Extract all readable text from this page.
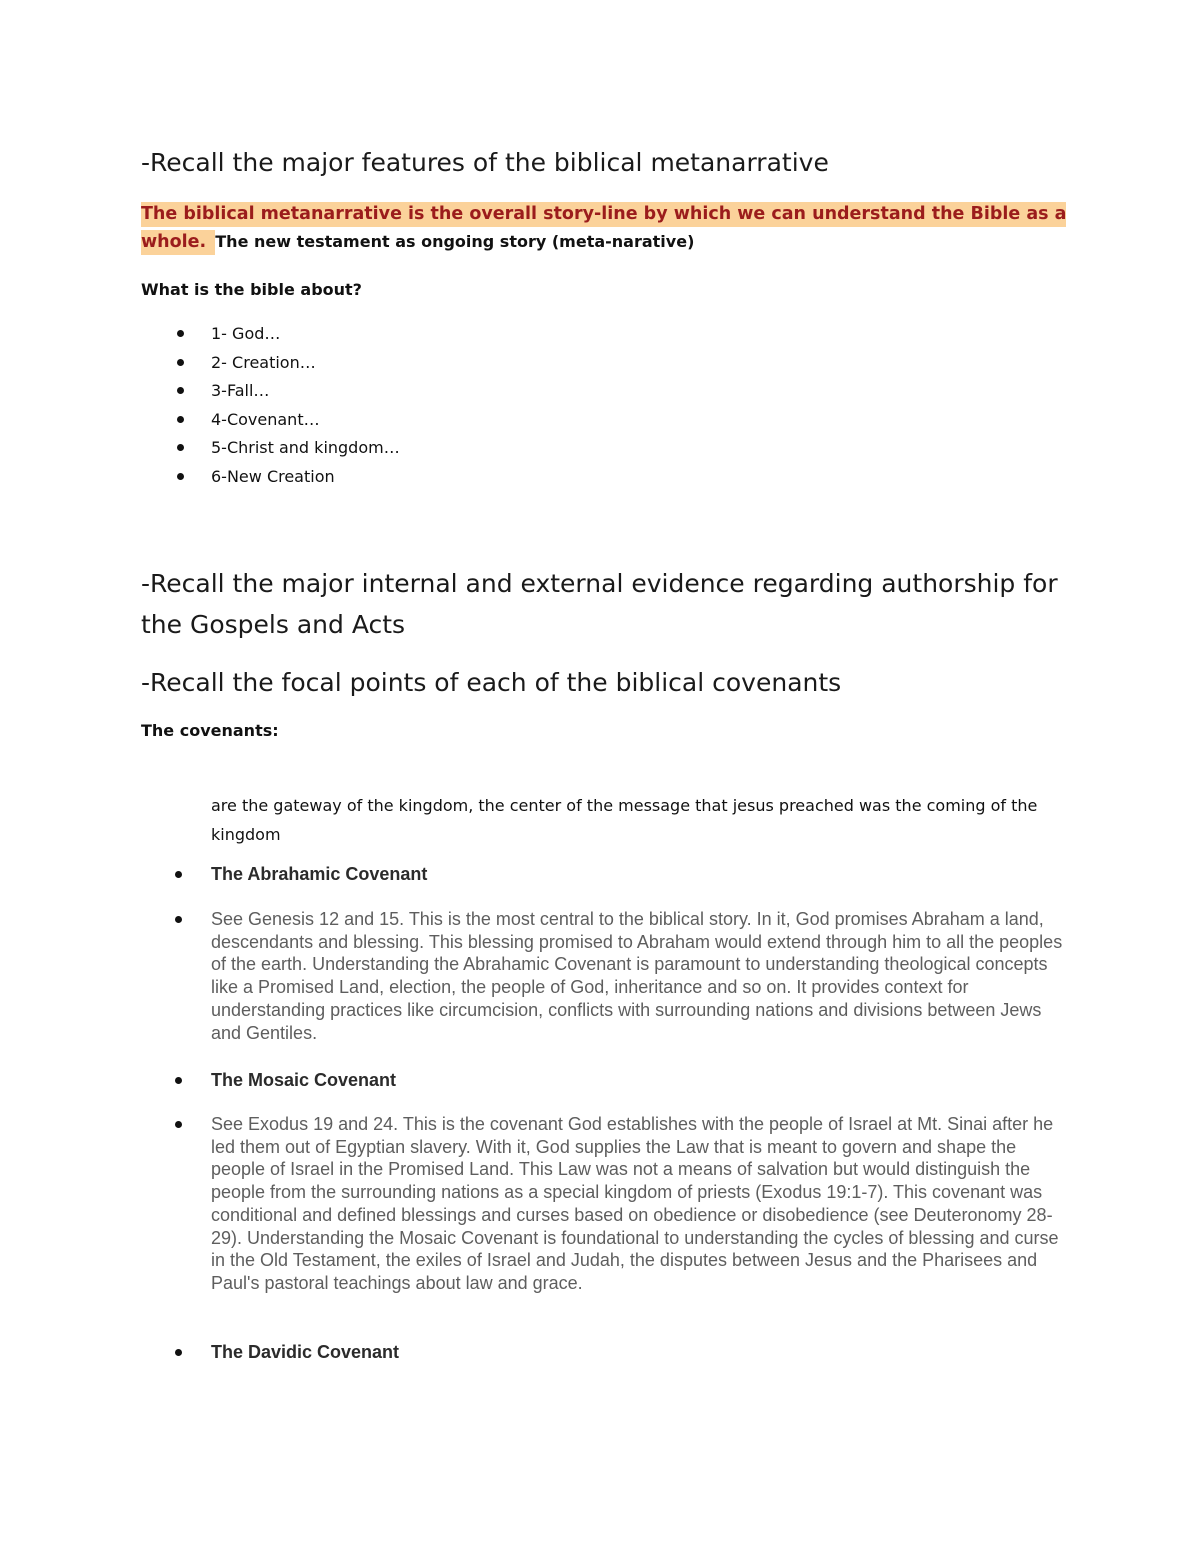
-Recall the major features of the biblical metanarrative

The biblical metanarrative is the overall story-line by which we can understand the Bible as a whole. The new testament as ongoing story (meta-narative)

What is the bible about?

1- God…
2- Creation…
3-Fall…
4-Covenant…
5-Christ and kingdom…
6-New Creation
-Recall the major internal and external evidence regarding authorship for the Gospels and Acts
-Recall the focal points of each of the biblical covenants

The covenants:

are the gateway of the kingdom, the center of the message that jesus preached was the coming of the kingdom

The Abrahamic Covenant
See Genesis 12 and 15. This is the most central to the biblical story. In it, God promises Abraham a land, descendants and blessing. This blessing promised to Abraham would extend through him to all the peoples of the earth. Understanding the Abrahamic Covenant is paramount to understanding theological concepts like a Promised Land, election, the people of God, inheritance and so on. It provides context for understanding practices like circumcision, conflicts with surrounding nations and divisions between Jews and Gentiles.
The Mosaic Covenant
See Exodus 19 and 24. This is the covenant God establishes with the people of Israel at Mt. Sinai after he led them out of Egyptian slavery. With it, God supplies the Law that is meant to govern and shape the people of Israel in the Promised Land. This Law was not a means of salvation but would distinguish the people from the surrounding nations as a special kingdom of priests (Exodus 19:1-7). This covenant was conditional and defined blessings and curses based on obedience or disobedience (see Deuteronomy 28-29). Understanding the Mosaic Covenant is foundational to understanding the cycles of blessing and curse in the Old Testament, the exiles of Israel and Judah, the disputes between Jesus and the Pharisees and Paul's pastoral teachings about law and grace.
The Davidic Covenant
